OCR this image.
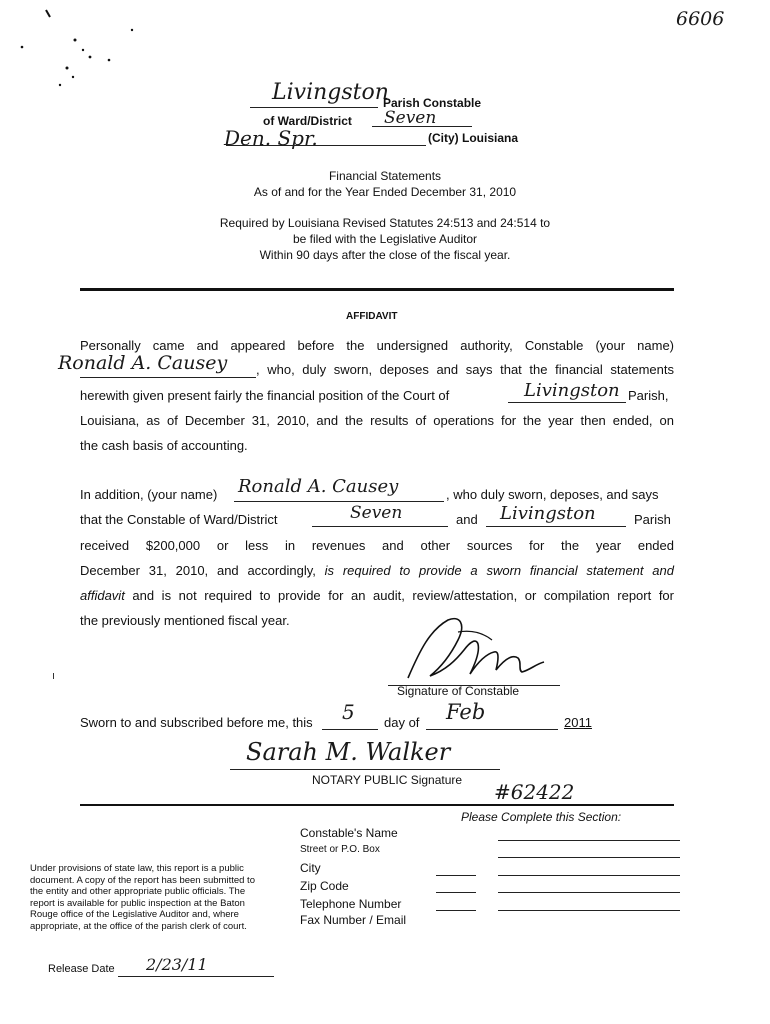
6606
Livingston
Parish Constable
of Ward/District Seven
Den. Spr.	(City) Louisiana
Financial Statements
As of and for the Year Ended December 31, 2010
Required by Louisiana Revised Statutes 24:513 and 24:514 to
be filed with the Legislative Auditor
Within 90 days after the close of the fiscal year.
AFFIDAVIT
Personally came and appeared before the undersigned authority, Constable (your name)
Ronald A. Causey , who, duly sworn, deposes and says that the financial statements
herewith given present fairly the financial position of the Court of	Livingston Parish,
Louisiana, as of December 31, 2010, and the results of operations for the year then ended, on
the cash basis of accounting.
In addition, (your name) Ronald A. Causey	, who duly sworn, deposes, and says
that the Constable of Ward/District	Seven	and Livingston	Parish
received $200,000 or less in revenues and other sources for the year ended
December 31, 2010, and accordingly, is required to provide a sworn financial statement and
affidavit and is not required to provide for an audit, review/attestation, or compilation report for
the previously mentioned fiscal year.
Signature of Constable
Sworn to and subscribed before me, this 5 day of Feb	2011
Sarah M. Walker
NOTARY PUBLIC Signature #62422
Please Complete this Section:
Constable's Name
Street or P.O. Box
City
Zip Code
Telephone Number
Fax Number / Email
Under provisions of state law, this report is a public
document. A copy of the report has been submitted to
the entity and other appropriate public officials. The
report is available for public inspection at the Baton
Rouge office of the Legislative Auditor and, where
appropriate, at the office of the parish clerk of court.
Release Date 2/23/11
